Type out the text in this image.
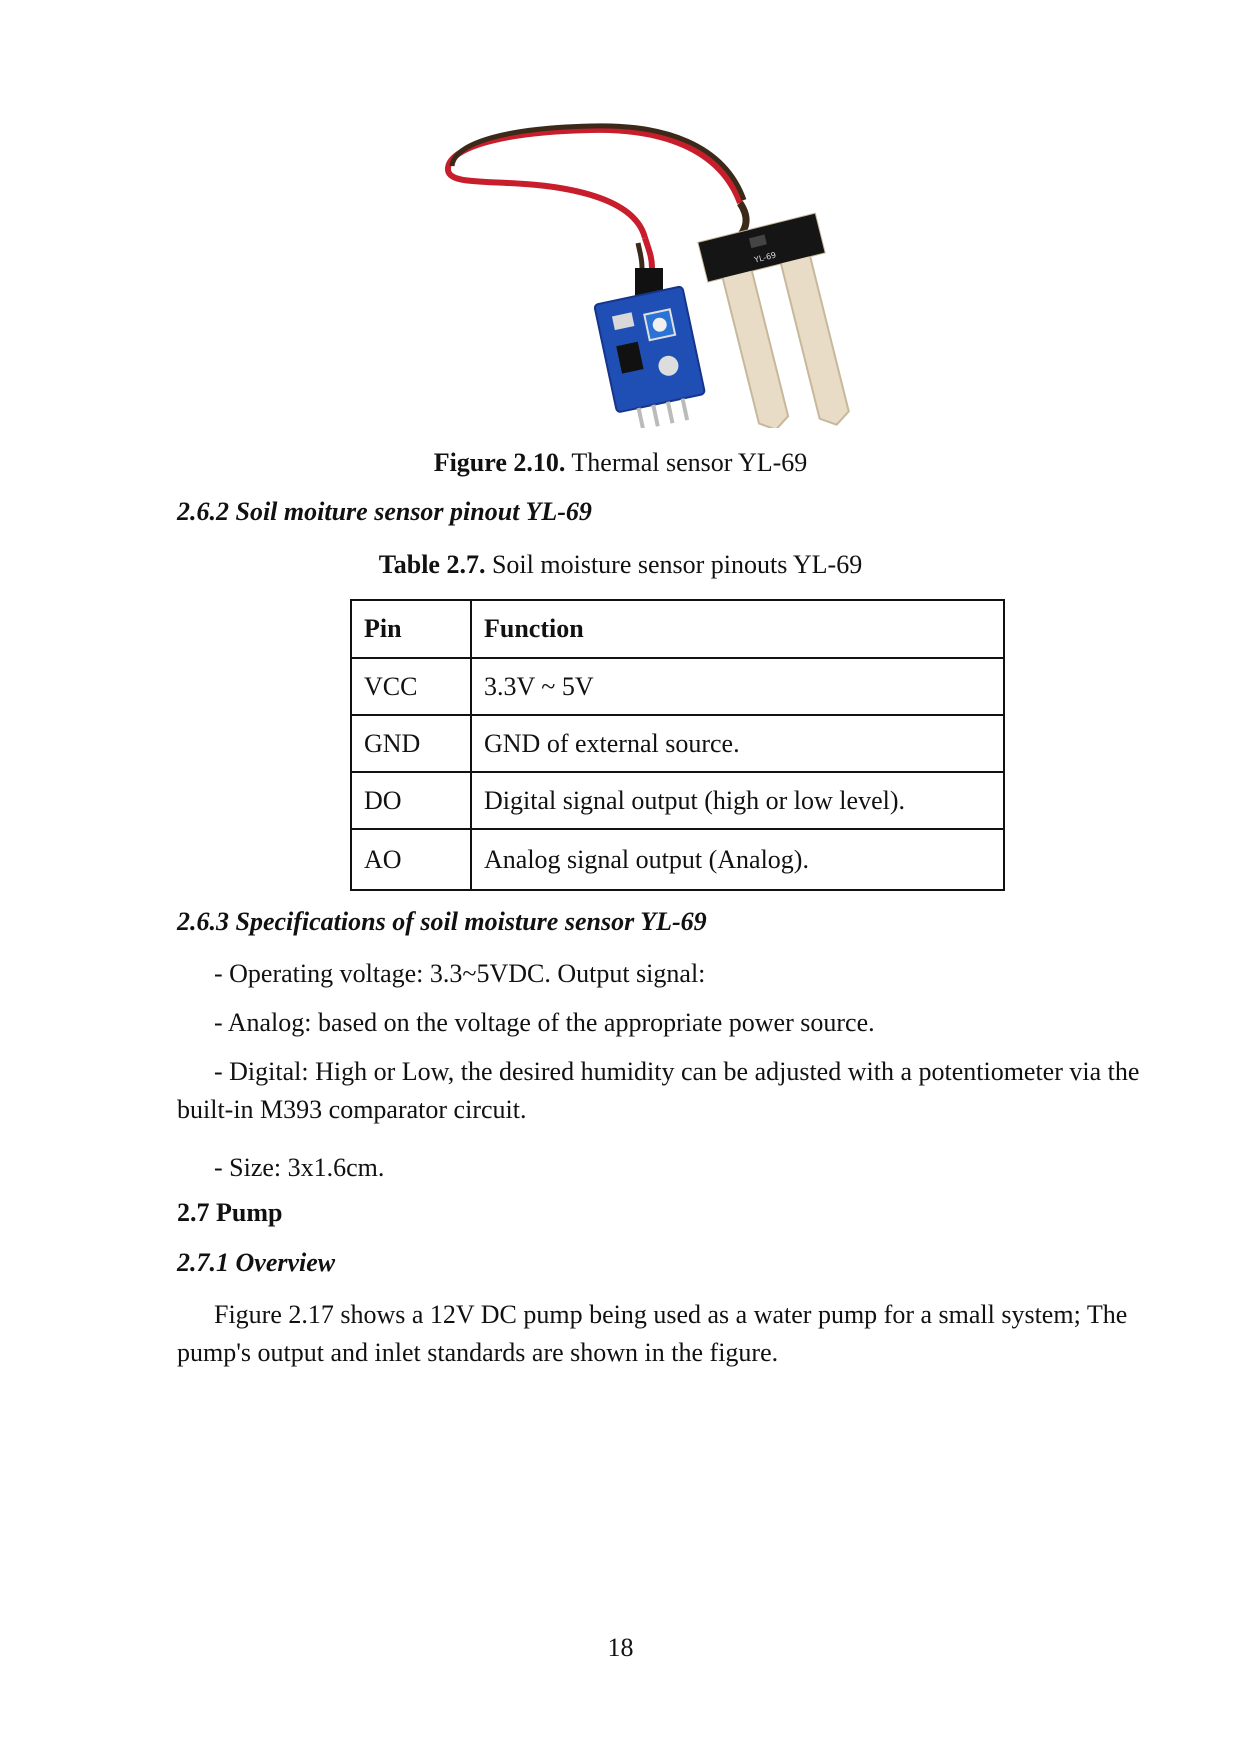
YL-69
Figure 2.10. Thermal sensor YL-69
2.6.2 Soil moiture sensor pinout YL-69
Table 2.7. Soil moisture sensor pinouts YL-69
Pin	Function
VCC	3.3V ~ 5V
GND	GND of external source.
DO	Digital signal output (high or low level).
AO	Analog signal output (Analog).
2.6.3 Specifications of soil moisture sensor YL-69
- Operating voltage: 3.3~5VDC. Output signal:
- Analog: based on the voltage of the appropriate power source.
- Digital: High or Low, the desired humidity can be adjusted with a potentiometer via the built-in M393 comparator circuit.
- Size: 3x1.6cm.
2.7 Pump
2.7.1 Overview
Figure 2.17 shows a 12V DC pump being used as a water pump for a small system; The pump's output and inlet standards are shown in the figure.
18
